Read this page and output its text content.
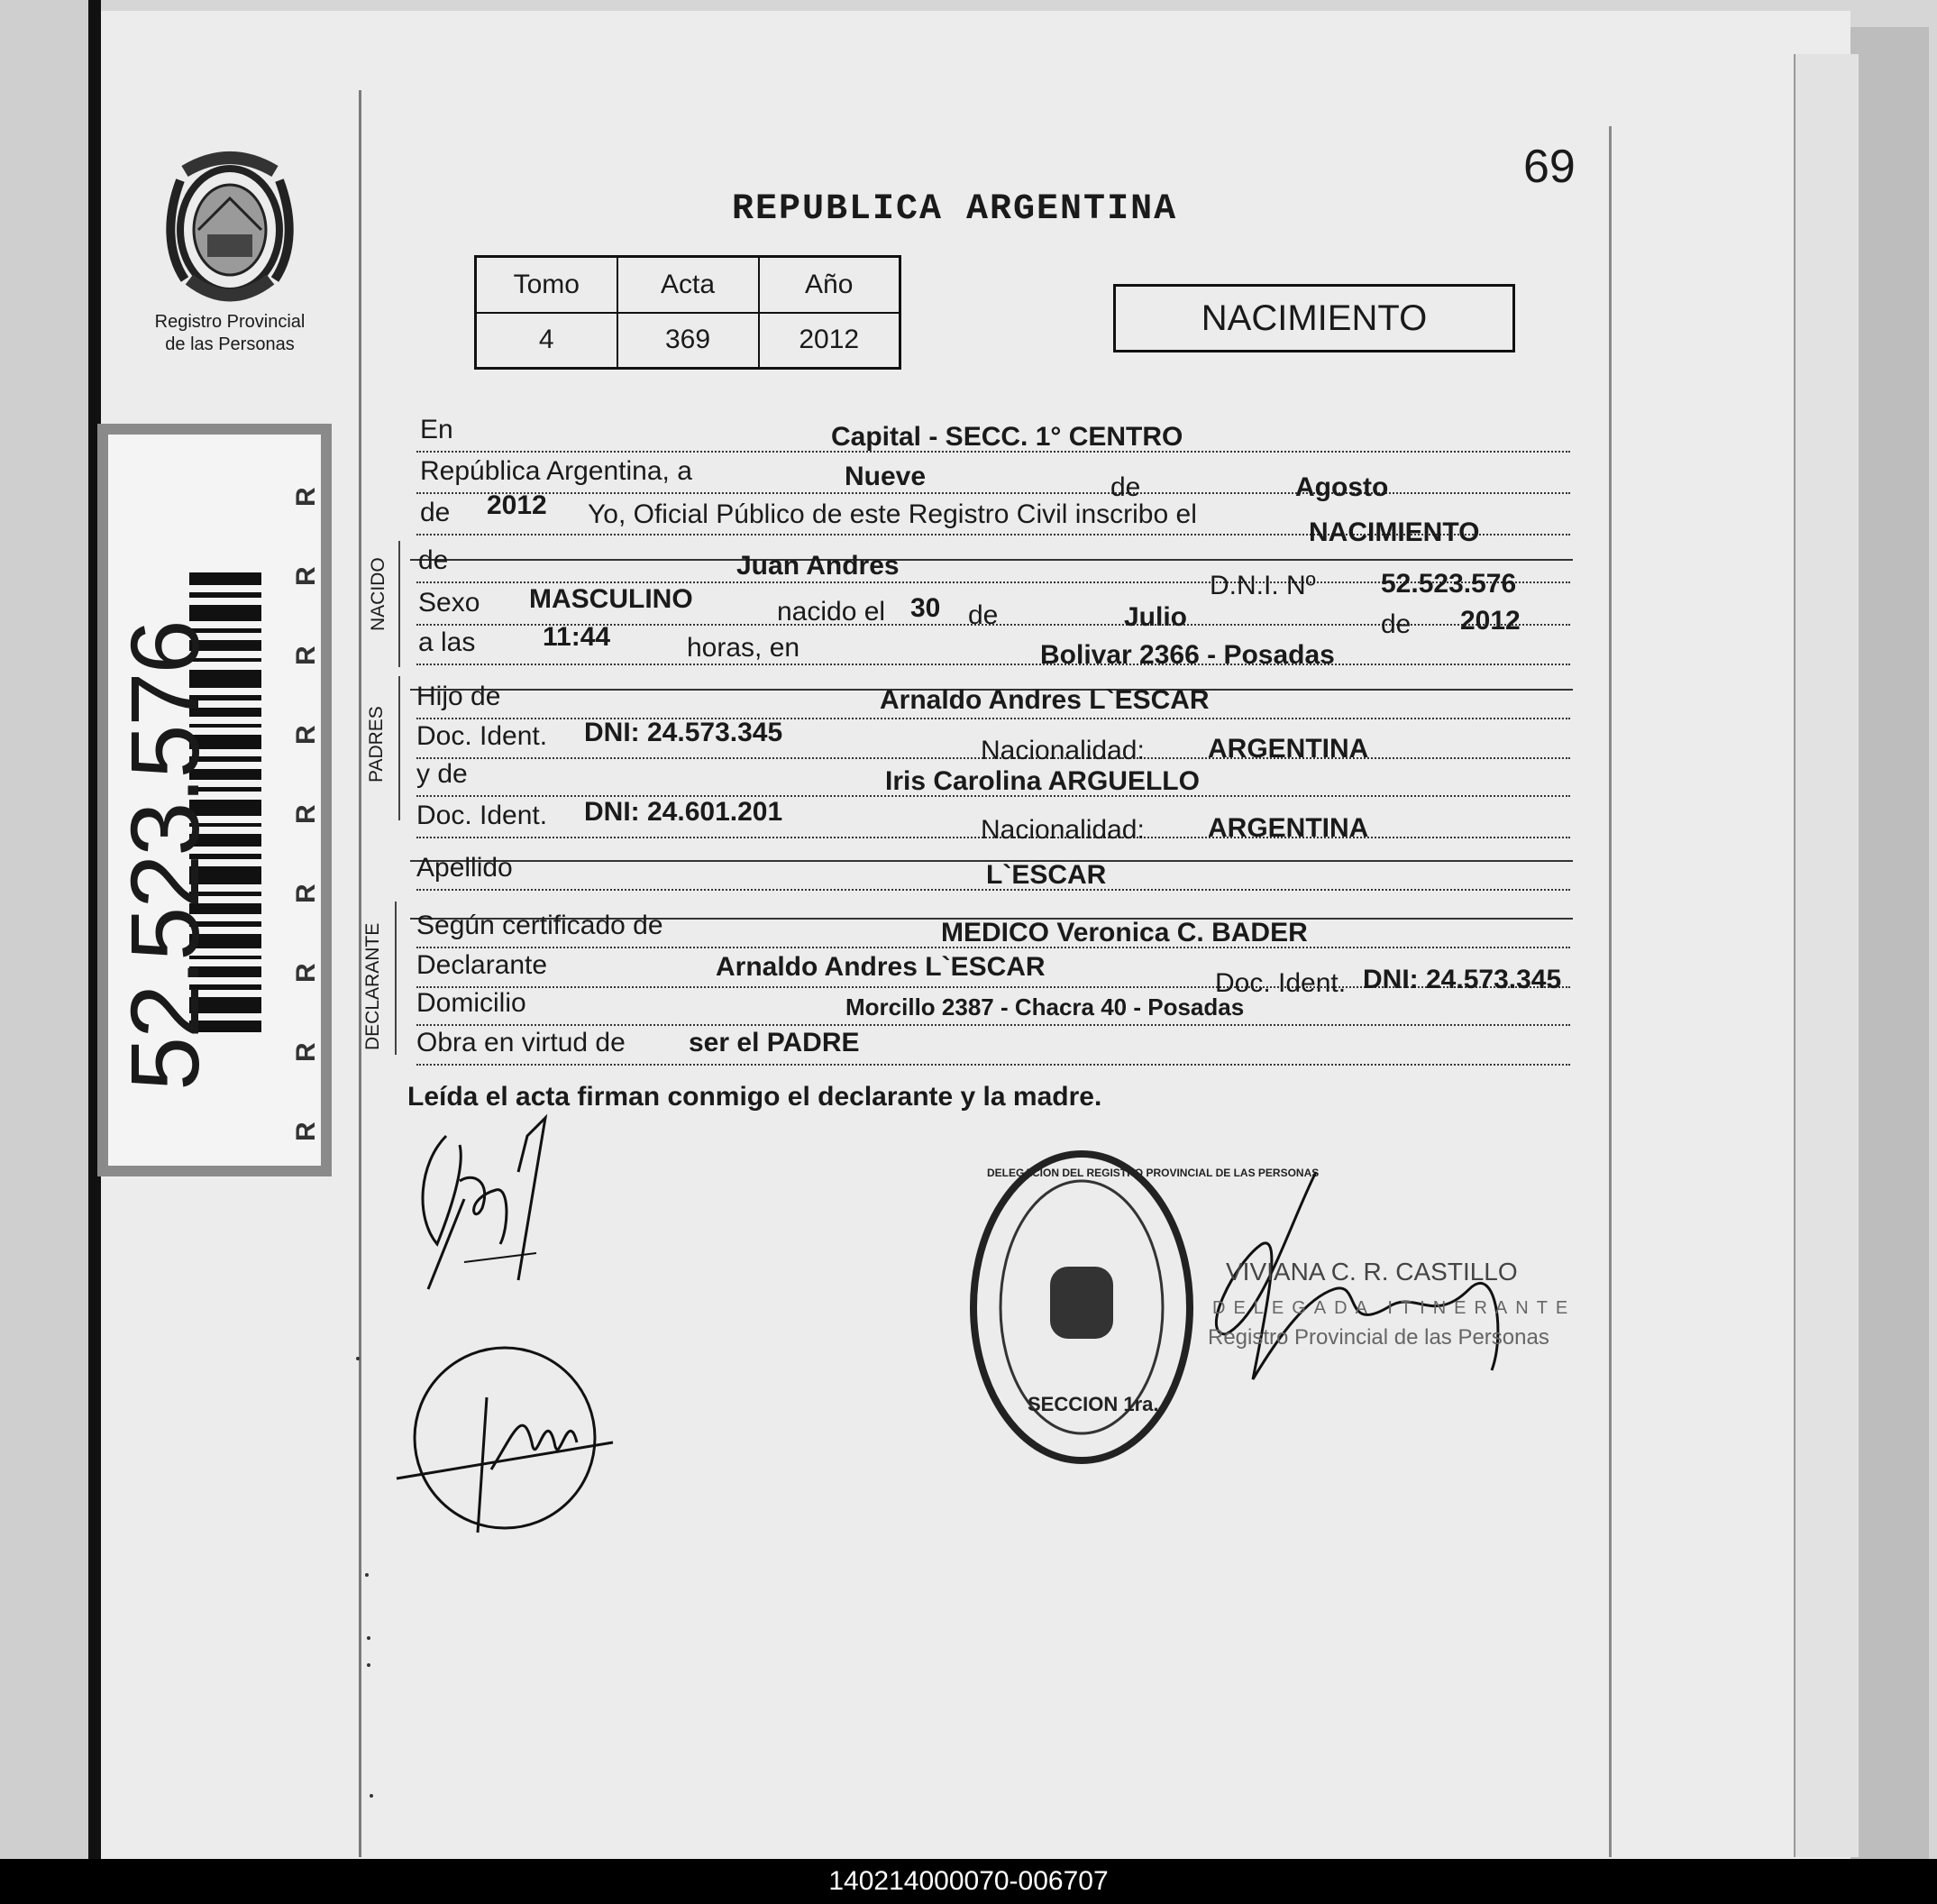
Registro Provincial
de las Personas
52.523.576
R
R
R
R
R
R
R
R
R
69
REPUBLICA ARGENTINA
Tomo	Acta	Año
4	369	2012
NACIMIENTO
NACIDO
PADRES
DECLARANTE
En	Capital - SECC. 1° CENTRO
República Argentina, a	Nueve	de	Agosto
de 2012 Yo, Oficial Público de este Registro Civil inscribo el
NACIMIENTO
de	Juan Andres
D.N.I. Nº 52.523.576
Sexo MASCULINO	nacido el 30 de	Julio	de 2012
a las 11:44	horas, en	Bolivar 2366 - Posadas
Hijo de	Arnaldo Andres L`ESCAR
Doc. Ident. DNI: 24.573.345
Nacionalidad: ARGENTINA
y de	Iris Carolina ARGUELLO
Doc. Ident. DNI: 24.601.201
Nacionalidad: ARGENTINA
Apellido	L`ESCAR
Según certificado de	MEDICO Veronica C. BADER
Declarante	Arnaldo Andres L`ESCAR
Doc. Ident. DNI: 24.573.345
Domicilio	Morcillo 2387 - Chacra 40 - Posadas
Obra en virtud de ser el PADRE
Leída el acta firman conmigo el declarante y la madre.
SECCION 1ra.
DELEGACION DEL REGISTRO PROVINCIAL DE LAS PERSONAS
VIVIANA C. R. CASTILLO
DELEGADA ITINERANTE
Registro Provincial de las Personas
140214000070-006707
